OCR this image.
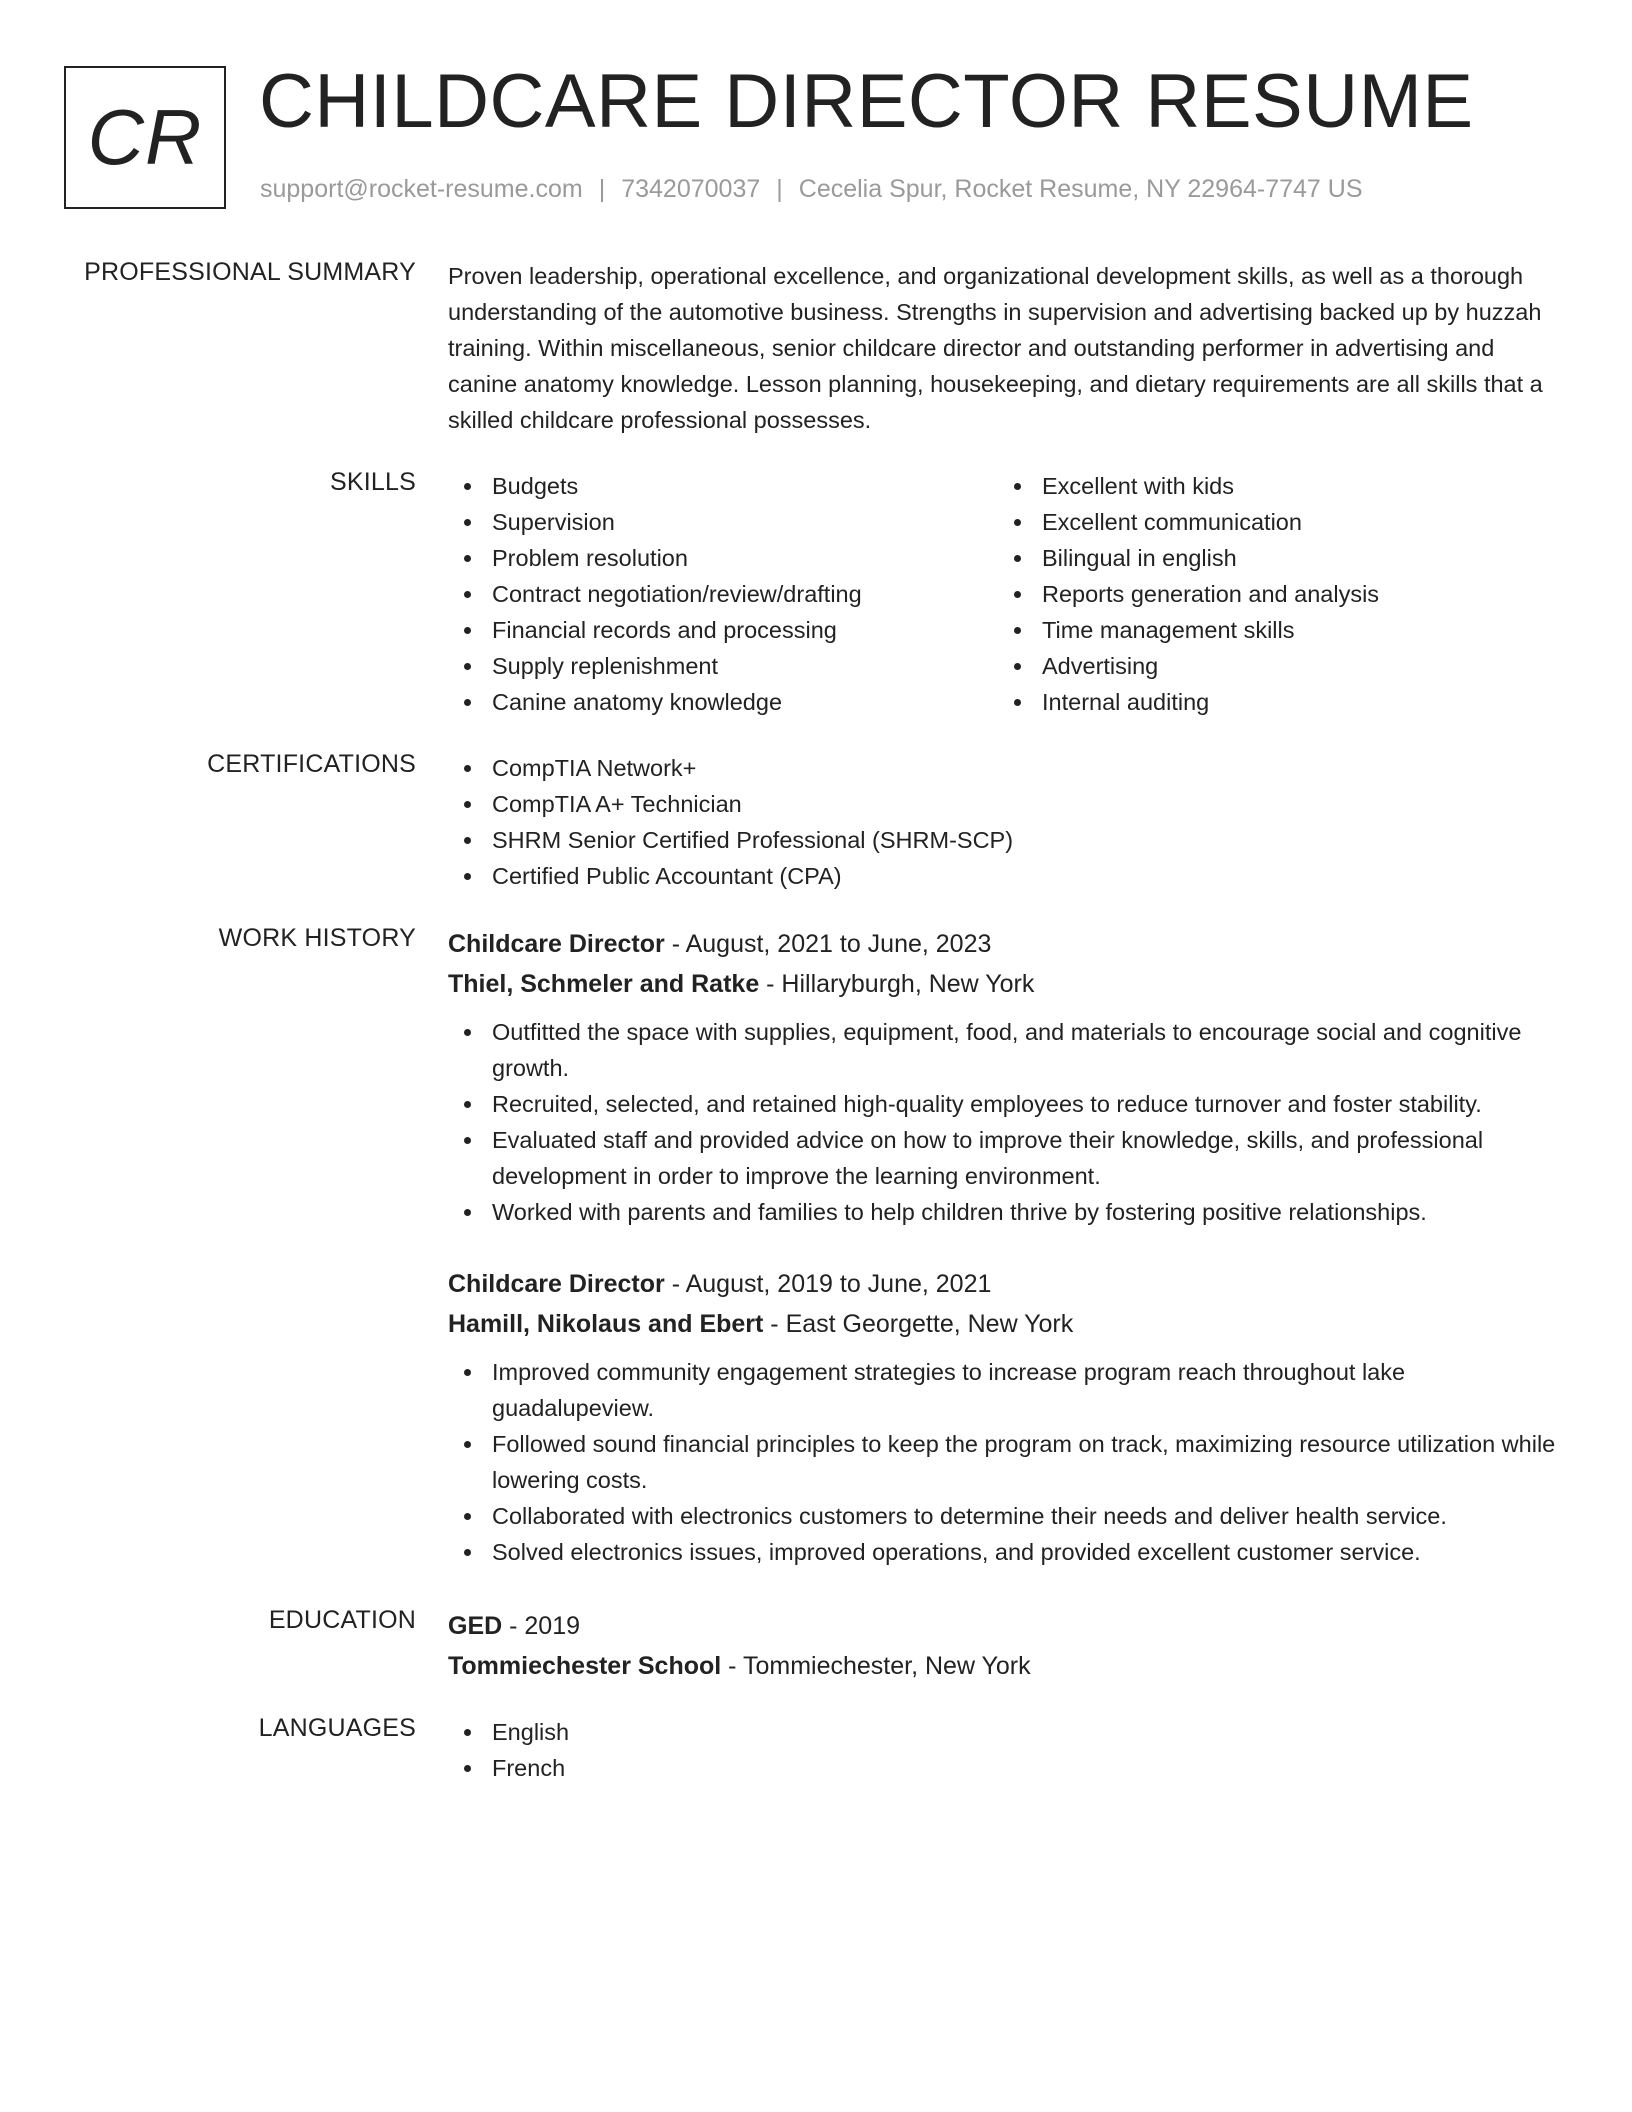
CR CHILDCARE DIRECTOR RESUME
support@rocket-resume.com | 7342070037 | Cecelia Spur, Rocket Resume, NY 22964-7747 US
PROFESSIONAL SUMMARY Proven leadership, operational excellence, and organizational development skills, as well as a thorough understanding of the automotive business. Strengths in supervision and advertising backed up by huzzah training. Within miscellaneous, senior childcare director and outstanding performer in advertising and canine anatomy knowledge. Lesson planning, housekeeping, and dietary requirements are all skills that a skilled childcare professional possesses.
SKILLS	Budgets
Supervision
Problem resolution
Contract negotiation/review/drafting
Financial records and processing
Supply replenishment
Canine anatomy knowledge
Excellent with kids
Excellent communication
Bilingual in english
Reports generation and analysis
Time management skills
Advertising
Internal auditing
CERTIFICATIONS	CompTIA Network+
CompTIA A+ Technician
SHRM Senior Certified Professional (SHRM-SCP)
Certified Public Accountant (CPA)
WORK HISTORY Childcare Director - August, 2021 to June, 2023
Thiel, Schmeler and Ratke - Hillaryburgh, New York
Outfitted the space with supplies, equipment, food, and materials to encourage social and cognitive growth.
Recruited, selected, and retained high-quality employees to reduce turnover and foster stability.
Evaluated staff and provided advice on how to improve their knowledge, skills, and professional development in order to improve the learning environment.
Worked with parents and families to help children thrive by fostering positive relationships.
Childcare Director - August, 2019 to June, 2021
Hamill, Nikolaus and Ebert - East Georgette, New York
Improved community engagement strategies to increase program reach throughout lake guadalupeview.
Followed sound financial principles to keep the program on track, maximizing resource utilization while lowering costs.
Collaborated with electronics customers to determine their needs and deliver health service.
Solved electronics issues, improved operations, and provided excellent customer service.
EDUCATION GED - 2019
Tommiechester School - Tommiechester, New York
LANGUAGES	English
French
